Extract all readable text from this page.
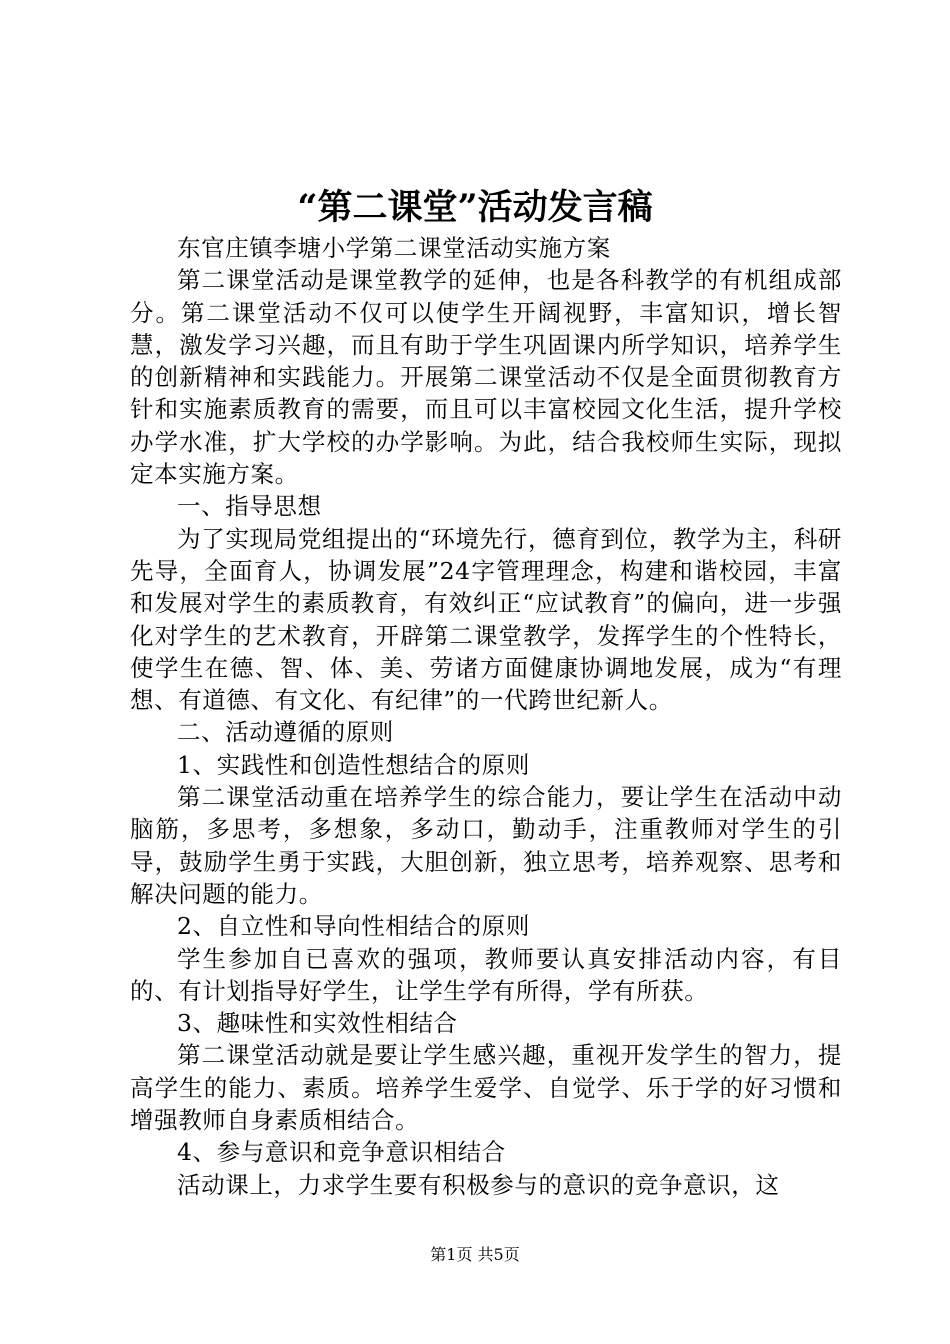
“第二课堂”活动发言稿

东官庄镇李塘小学第二课堂活动实施方案

第二课堂活动是课堂教学的延伸，也是各科教学的有机组成部分。第二课堂活动不仅可以使学生开阔视野，丰富知识，增长智慧，激发学习兴趣，而且有助于学生巩固课内所学知识，培养学生的创新精神和实践能力。开展第二课堂活动不仅是全面贯彻教育方针和实施素质教育的需要，而且可以丰富校园文化生活，提升学校办学水准，扩大学校的办学影响。为此，结合我校师生实际，现拟定本实施方案。

一、指导思想

为了实现局党组提出的“环境先行，德育到位，教学为主，科研先导，全面育人，协调发展”24字管理理念，构建和谐校园，丰富和发展对学生的素质教育，有效纠正“应试教育”的偏向，进一步强化对学生的艺术教育，开辟第二课堂教学，发挥学生的个性特长，使学生在德、智、体、美、劳诸方面健康协调地发展，成为“有理想、有道德、有文化、有纪律”的一代跨世纪新人。

二、活动遵循的原则

1、实践性和创造性想结合的原则

第二课堂活动重在培养学生的综合能力，要让学生在活动中动脑筋，多思考，多想象，多动口，勤动手，注重教师对学生的引导，鼓励学生勇于实践，大胆创新，独立思考，培养观察、思考和解决问题的能力。

2、自立性和导向性相结合的原则

学生参加自已喜欢的强项，教师要认真安排活动内容，有目的、有计划指导好学生，让学生学有所得，学有所获。

3、趣味性和实效性相结合

第二课堂活动就是要让学生感兴趣，重视开发学生的智力，提高学生的能力、素质。培养学生爱学、自觉学、乐于学的好习惯和增强教师自身素质相结合。

4、参与意识和竞争意识相结合

活动课上，力求学生要有积极参与的意识的竞争意识，这

第1页 共5页
